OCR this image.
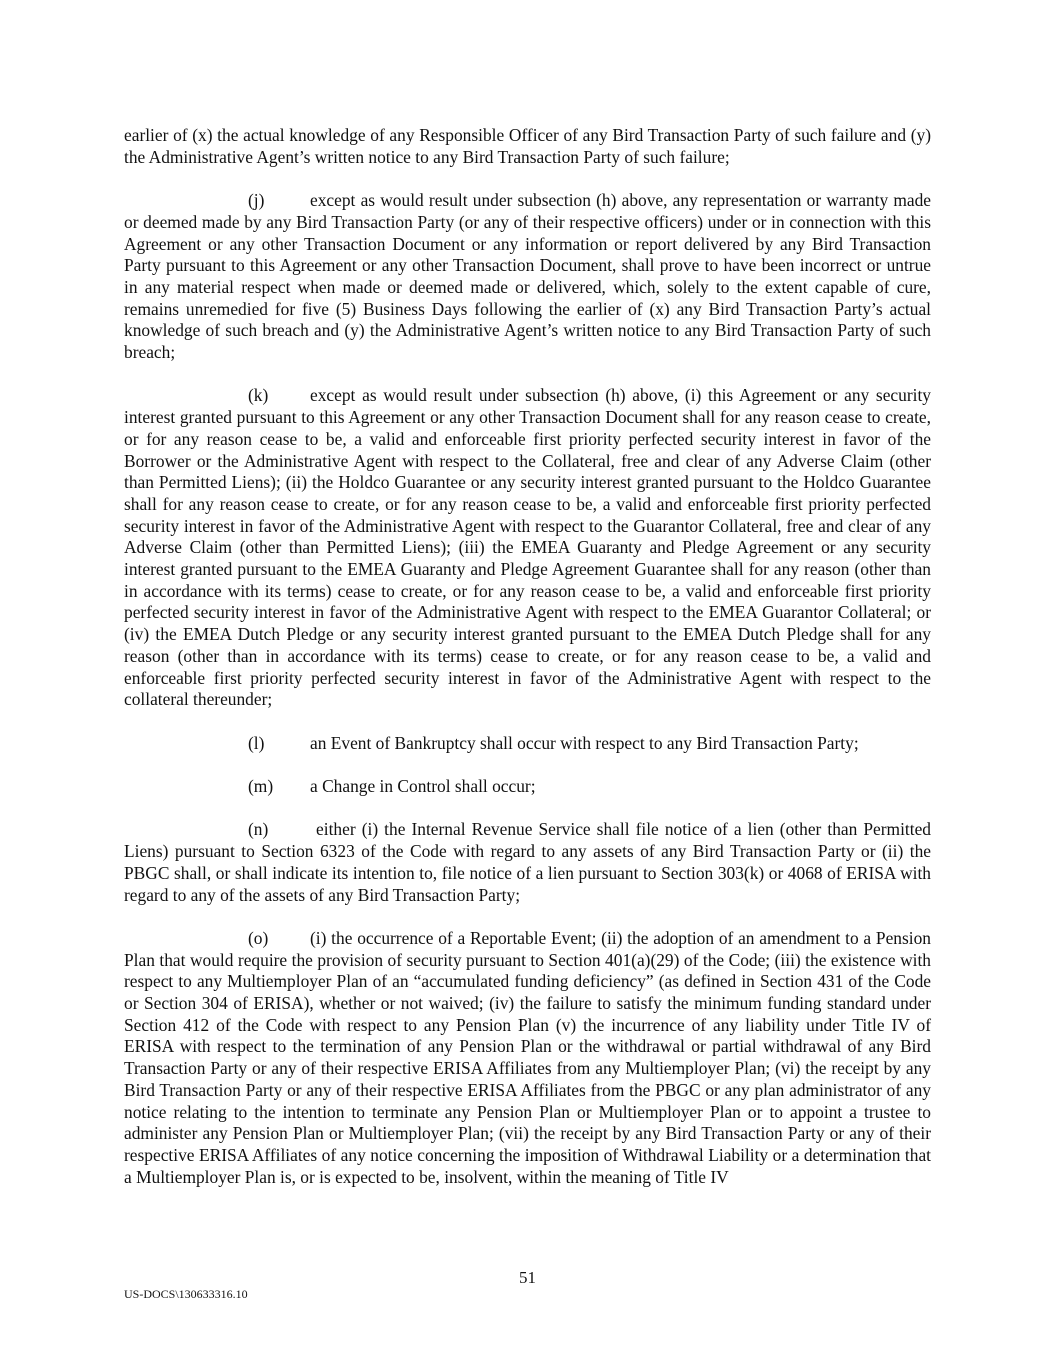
earlier of (x) the actual knowledge of any Responsible Officer of any Bird Transaction Party of such failure and (y) the Administrative Agent’s written notice to any Bird Transaction Party of such failure;

(j)	except as would result under subsection (h) above, any representation or warranty made or deemed made by any Bird Transaction Party (or any of their respective officers) under or in connection with this Agreement or any other Transaction Document or any information or report delivered by any Bird Transaction Party pursuant to this Agreement or any other Transaction Document, shall prove to have been incorrect or untrue in any material respect when made or deemed made or delivered, which, solely to the extent capable of cure, remains unremedied for five (5) Business Days following the earlier of (x) any Bird Transaction Party’s actual knowledge of such breach and (y) the Administrative Agent’s written notice to any Bird Transaction Party of such breach;

(k) except as would result under subsection (h) above, (i) this Agreement or any security interest granted pursuant to this Agreement or any other Transaction Document shall for any reason cease to create, or for any reason cease to be, a valid and enforceable first priority perfected security interest in favor of the Borrower or the Administrative Agent with respect to the Collateral, free and clear of any Adverse Claim (other than Permitted Liens); (ii) the Holdco Guarantee or any security interest granted pursuant to the Holdco Guarantee shall for any reason cease to create, or for any reason cease to be, a valid and enforceable first priority perfected security interest in favor of the Administrative Agent with respect to the Guarantor Collateral, free and clear of any Adverse Claim (other than Permitted Liens); (iii) the EMEA Guaranty and Pledge Agreement or any security interest granted pursuant to the EMEA Guaranty and Pledge Agreement Guarantee shall for any reason (other than in accordance with its terms) cease to create, or for any reason cease to be, a valid and enforceable first priority perfected security interest in favor of the Administrative Agent with respect to the EMEA Guarantor Collateral; or (iv) the EMEA Dutch Pledge or any security interest granted pursuant to the EMEA Dutch Pledge shall for any reason (other than in accordance with its terms) cease to create, or for any reason cease to be, a valid and enforceable first priority perfected security interest in favor of the Administrative Agent with respect to the collateral thereunder;

(l)	an Event of Bankruptcy shall occur with respect to any Bird Transaction Party;

(m) a Change in Control shall occur;

(n) either (i) the Internal Revenue Service shall file notice of a lien (other than Permitted Liens) pursuant to Section 6323 of the Code with regard to any assets of any Bird Transaction Party or (ii) the PBGC shall, or shall indicate its intention to, file notice of a lien pursuant to Section 303(k) or 4068 of ERISA with regard to any of the assets of any Bird Transaction Party;

(o) (i) the occurrence of a Reportable Event; (ii) the adoption of an amendment to a Pension Plan that would require the provision of security pursuant to Section 401(a)(29) of the Code; (iii) the existence with respect to any Multiemployer Plan of an “accumulated funding deficiency” (as defined in Section 431 of the Code or Section 304 of ERISA), whether or not waived; (iv) the failure to satisfy the minimum funding standard under Section 412 of the Code with respect to any Pension Plan (v) the incurrence of any liability under Title IV of ERISA with respect to the termination of any Pension Plan or the withdrawal or partial withdrawal of any Bird Transaction Party or any of their respective ERISA Affiliates from any Multiemployer Plan; (vi) the receipt by any Bird Transaction Party or any of their respective ERISA Affiliates from the PBGC or any plan administrator of any notice relating to the intention to terminate any Pension Plan or Multiemployer Plan or to appoint a trustee to administer any Pension Plan or Multiemployer Plan; (vii) the receipt by any Bird Transaction Party or any of their respective ERISA Affiliates of any notice concerning the imposition of Withdrawal Liability or a determination that a Multiemployer Plan is, or is expected to be, insolvent, within the meaning of Title IV

51
US-DOCS\130633316.10
